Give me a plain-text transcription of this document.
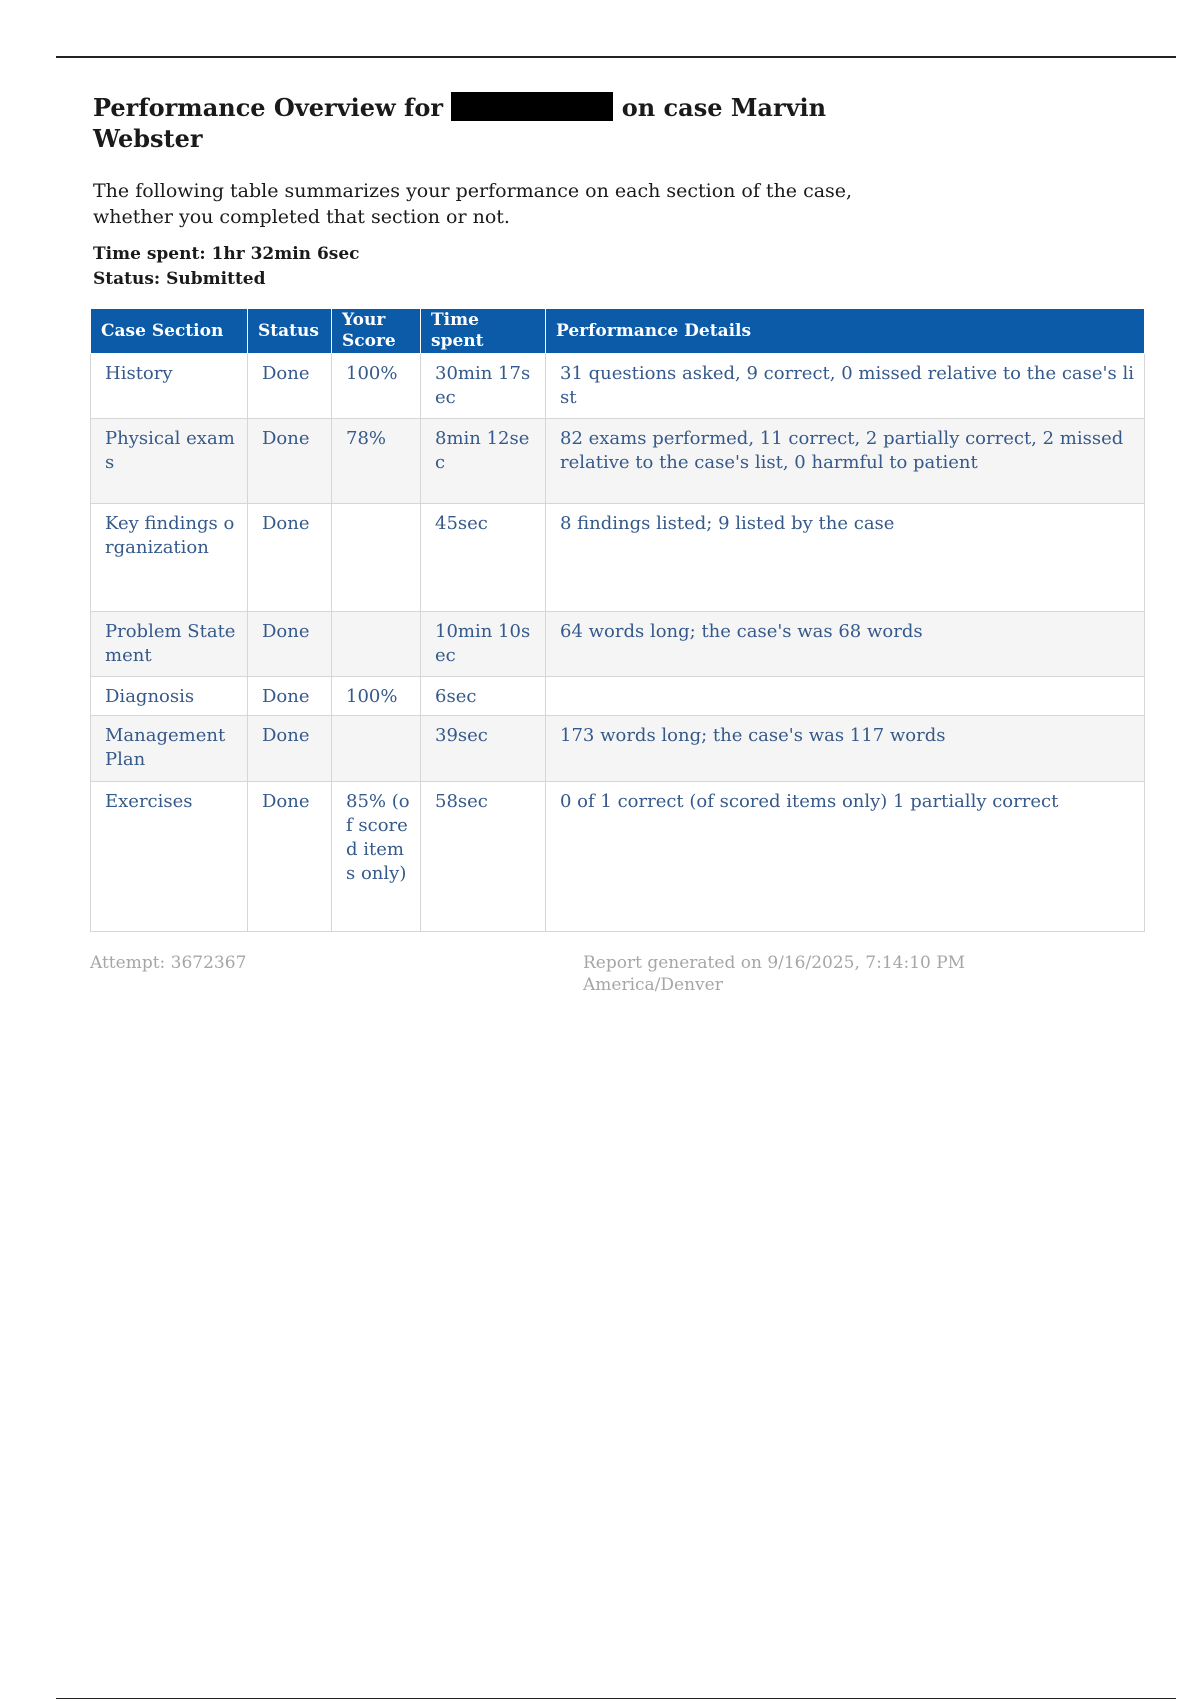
Performance Overview for	on case Marvin Webster

The following table summarizes your performance on each section of the case, whether you completed that section or not.

Time spent: 1hr 32min 6sec
Status: Submitted
Case Section	Status	Your Score	Time spent	Performance Details
History	Done	100%	30min 17sec	31 questions asked, 9 correct, 0 missed relative to the case's list
Physical exams	Done	78%	8min 12sec	82 exams performed, 11 correct, 2 partially correct, 2 missed relative to the case's list, 0 harmful to patient
Key findings organization	Done		45sec	8 findings listed; 9 listed by the case
Problem Statement	Done		10min 10sec	64 words long; the case's was 68 words
Diagnosis	Done	100%	6sec	
Management Plan	Done		39sec	173 words long; the case's was 117 words
Exercises	Done	85% (of scored items only)	58sec	0 of 1 correct (of scored items only) 1 partially correct
Attempt: 3672367	Report generated on 9/16/2025, 7:14:10 PM America/Denver
